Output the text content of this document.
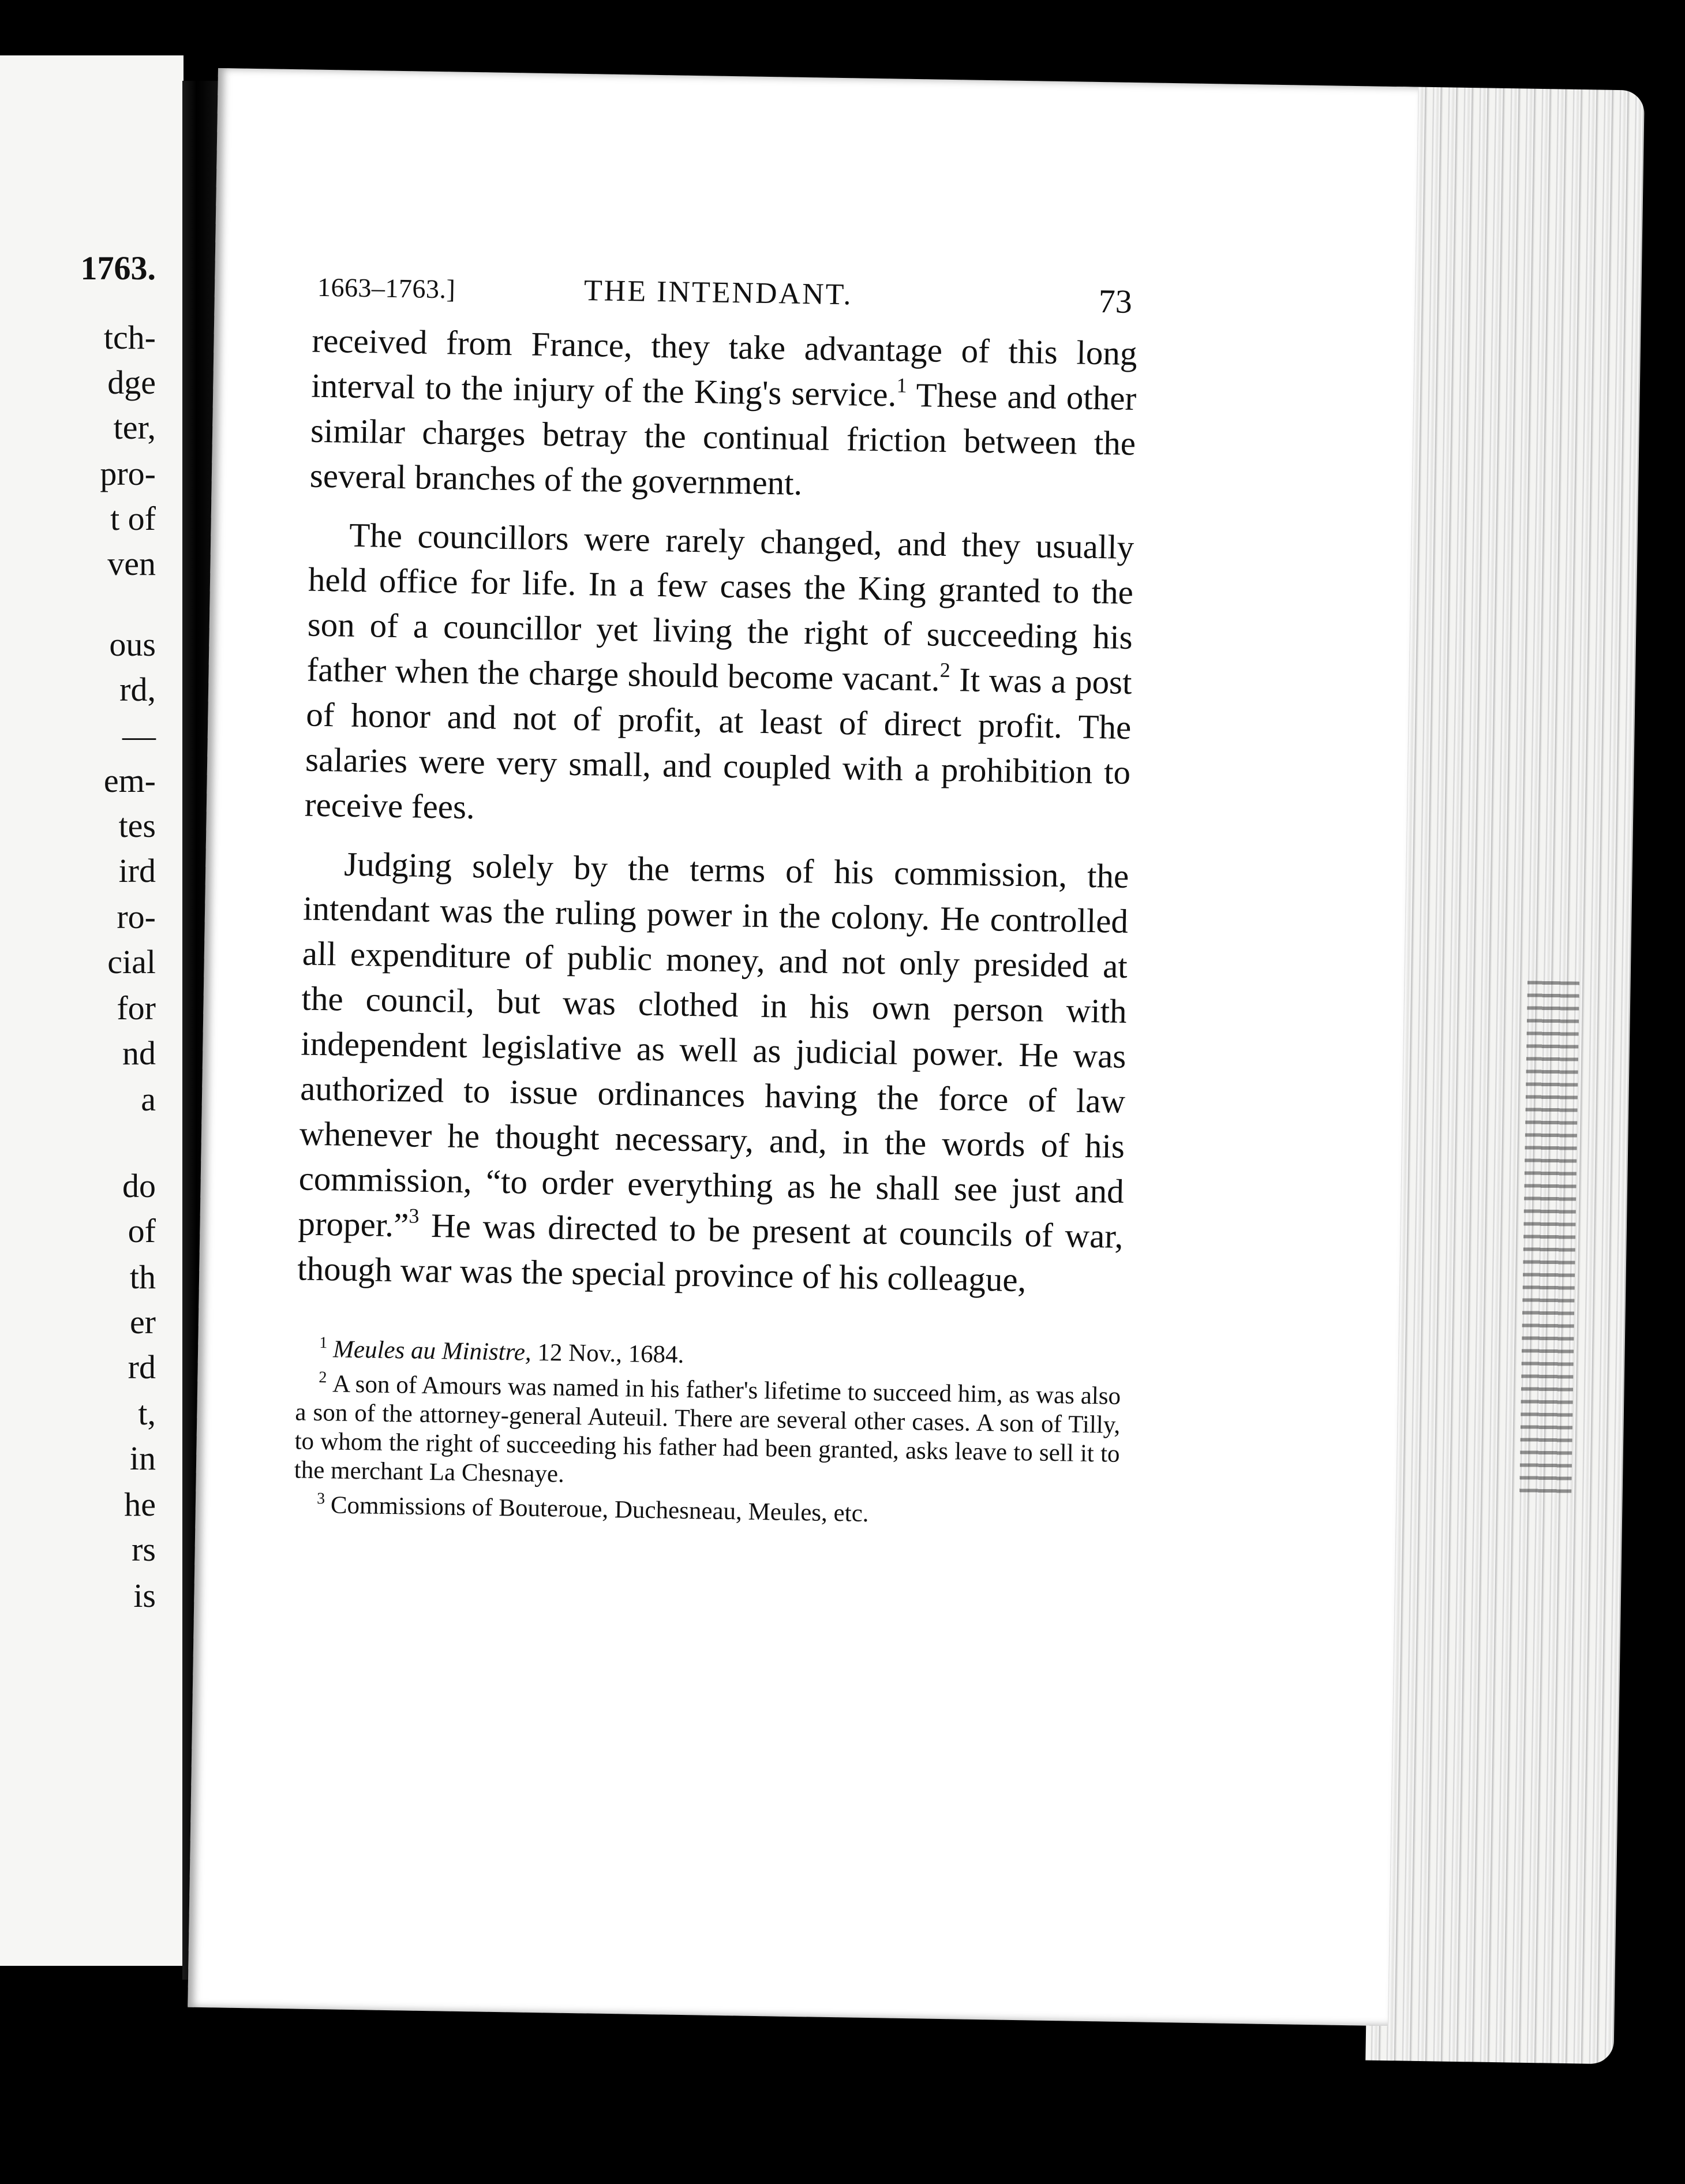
1763.
tch-
dge
ter,
pro-
t of
ven
ous
rd,
—
em-
tes
ird
ro-
cial
for
nd
a
do
of
th
er
rd
t,
in
he
rs
is
1663–1763.]	THE INTENDANT.	73

received from France, they take advantage of this long interval to the injury of the King's service.$^1$ These and other similar charges betray the continual friction between the several branches of the government.

The councillors were rarely changed, and they usually held office for life. In a few cases the King granted to the son of a councillor yet living the right of succeeding his father when the charge should become vacant.$^2$ It was a post of honor and not of profit, at least of direct profit. The salaries were very small, and coupled with a prohibition to receive fees.

Judging solely by the terms of his commission, the intendant was the ruling power in the colony. He controlled all expenditure of public money, and not only presided at the council, but was clothed in his own person with independent legislative as well as judicial power. He was authorized to issue ordinances having the force of law whenever he thought necessary, and, in the words of his commission, “to order everything as he shall see just and proper.”$^3$ He was directed to be present at councils of war, though war was the special province of his colleague,

$^1$ Meules au Ministre, 12 Nov., 1684.

$^2$ A son of Amours was named in his father's lifetime to succeed him, as was also a son of the attorney-general Auteuil. There are several other cases. A son of Tilly, to whom the right of succeeding his father had been granted, asks leave to sell it to the merchant La Chesnaye.

$^3$ Commissions of Bouteroue, Duchesneau, Meules, etc.
